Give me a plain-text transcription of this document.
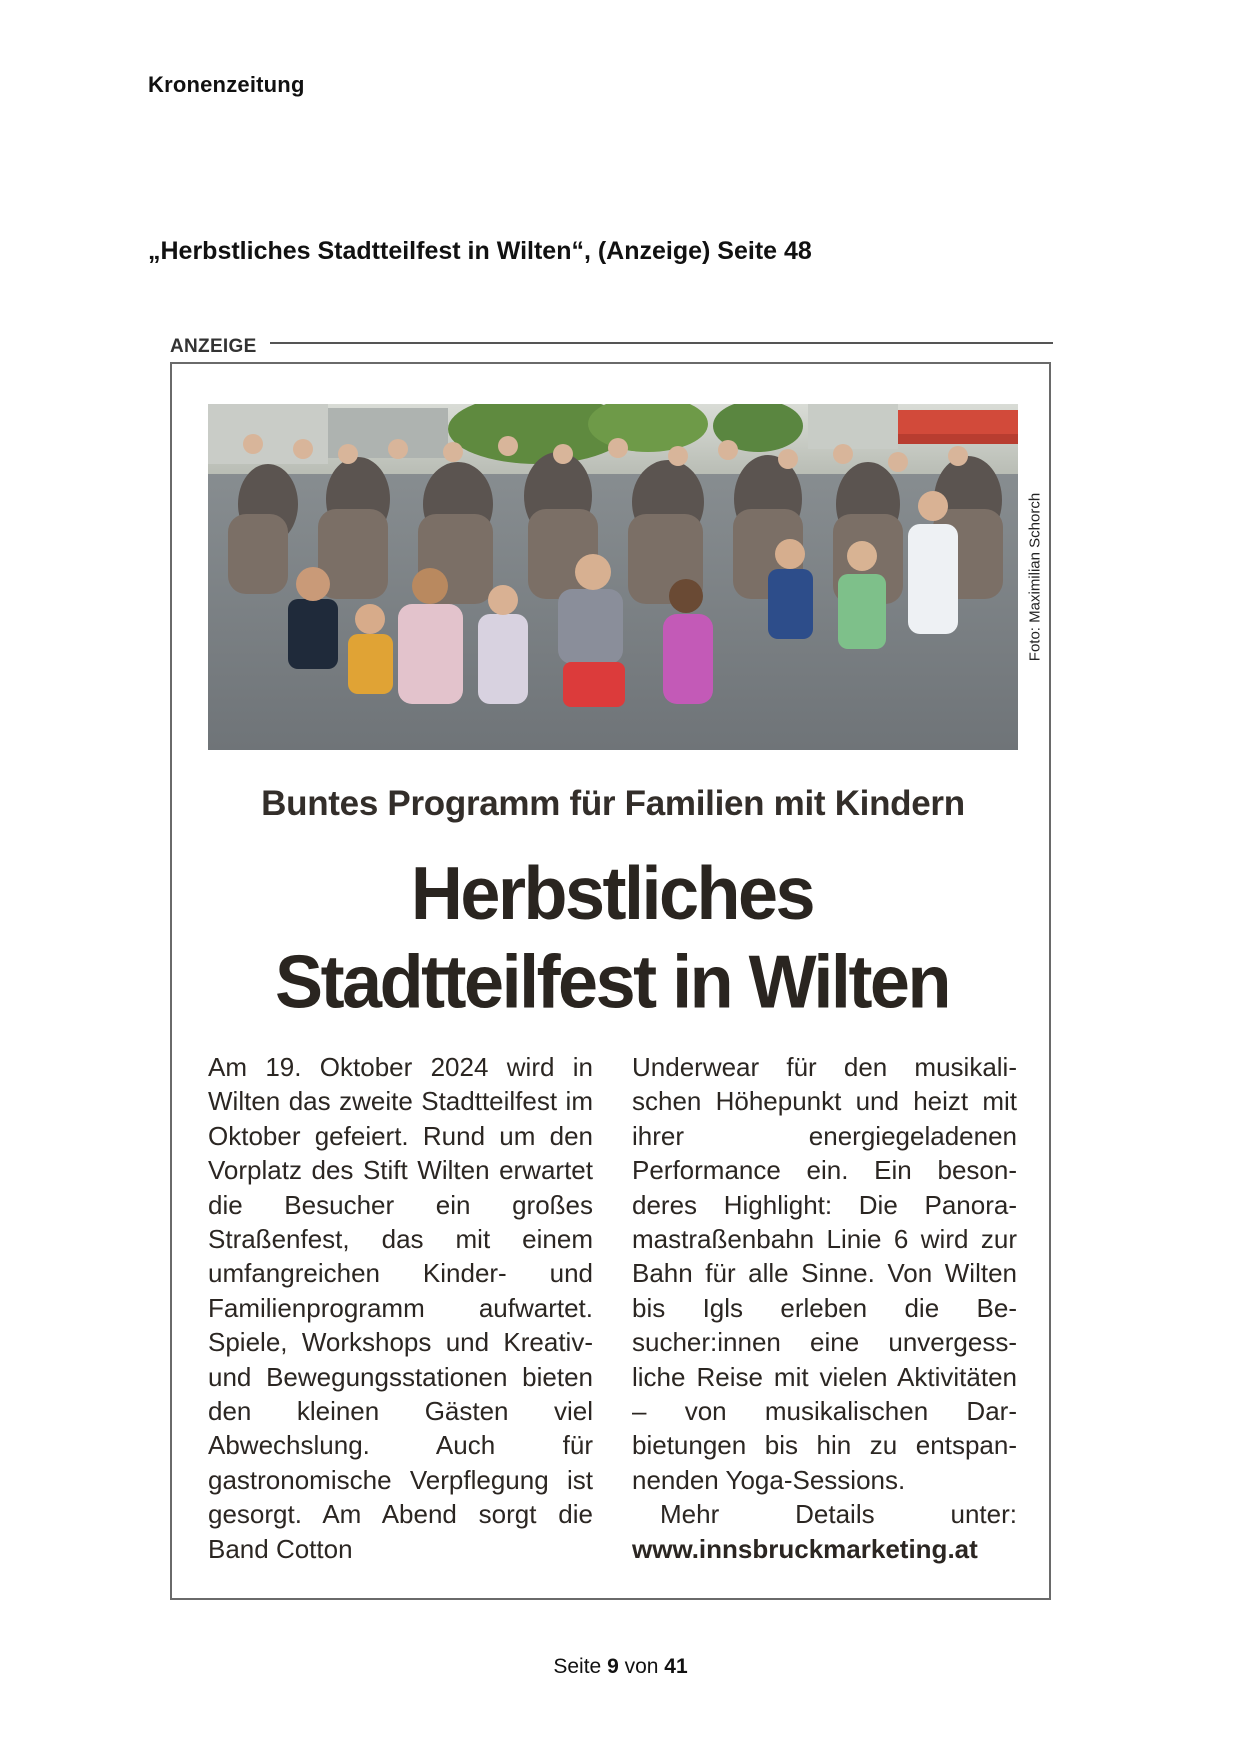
Kronenzeitung
„Herbstliches Stadtteilfest in Wilten“, (Anzeige) Seite 48
ANZEIGE
Foto: Maximilian Schorch
Buntes Programm für Familien mit Kindern
Herbstliches
Stadtteilfest in Wilten
Am 19. Oktober 2024 wird in Wilten das zweite Stadtteilfest im Oktober gefeiert. Rund um den Vorplatz des Stift Wilten erwartet die Besucher ein großes Straßenfest, das mit einem umfangreichen Kinder- und Familienprogramm aufwartet. Spiele, Workshops und Kreativ- und Bewegungsstationen bieten den kleinen Gästen viel Abwechslung. Auch für gastronomische Verpflegung ist gesorgt. Am Abend sorgt die Band Cotton
Underwear für den musikalischen Höhepunkt und heizt mit ihrer energiegeladenen Performance ein. Ein besonderes Highlight: Die Panoramastraßenbahn Linie 6 wird zur Bahn für alle Sinne. Von Wilten bis Igls erleben die Besucher:innen eine unvergessliche Reise mit vielen Aktivitäten – von musikalischen Darbietungen bis hin zu entspannenden Yoga-Sessions.
Mehr	Details	unter:
www.innsbruckmarketing.at
Seite 9 von 41
